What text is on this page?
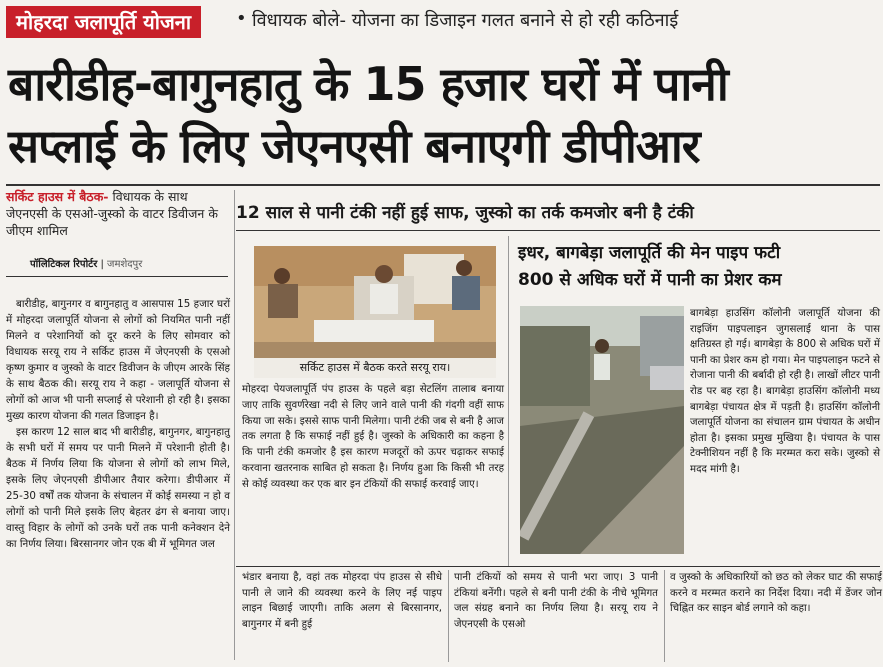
मोहरदा जलापूर्ति योजना	• विधायक बोले- योजना का डिजाइन गलत बनाने से हो रही कठिनाई
बारीडीह-बागुनहातु के 15 हजार घरों में पानी
सप्लाई के लिए जेएनएसी बनाएगी डीपीआर
सर्किट हाउस में बैठक- विधायक के साथ जेएनएसी के एसओ-जुस्को के वाटर डिवीजन के जीएम शामिल
पॉलिटिकल रिपोर्टर | जमशेदपुर

बारीडीह, बागुनगर व बागुनहातु व आसपास 15 हजार घरों में मोहरदा जलापूर्ति योजना से लोगों को नियमित पानी नहीं मिलने व परेशानियों को दूर करने के लिए सोमवार को विधायक सरयू राय ने सर्किट हाउस में जेएनएसी के एसओ कृष्ण कुमार व जुस्को के वाटर डिवीजन के जीएम आरके सिंह के साथ बैठक की। सरयू राय ने कहा - जलापूर्ति योजना से लोगों को आज भी पानी सप्लाई से परेशानी हो रही है। इसका मुख्य कारण योजना की गलत डिजाइन है।

इस कारण 12 साल बाद भी बारीडीह, बागुनगर, बागुनहातु के सभी घरों में समय पर पानी मिलने में परेशानी होती है। बैठक में निर्णय लिया कि योजना से लोगों को लाभ मिले, इसके लिए जेएनएसी डीपीआर तैयार करेगा। डीपीआर में 25-30 वर्षों तक योजना के संचालन में कोई समस्या न हो व लोगों को पानी मिले इसके लिए बेहतर ढंग से बनाया जाए। वास्तु विहार के लोगों को उनके घरों तक पानी कनेक्शन देने का निर्णय लिया। बिरसानगर जोन एक बी में भूमिगत जल

12 साल से पानी टंकी नहीं हुई साफ, जुस्को का तर्क कमजोर बनी है टंकी
सर्किट हाउस में बैठक करते सरयू राय।

मोहरदा पेयजलापूर्ति पंप हाउस के पहले बड़ा सेटलिंग तालाब बनाया जाए ताकि सुवर्णरेखा नदी से लिए जाने वाले पानी की गंदगी वहीं साफ किया जा सके। इससे साफ पानी मिलेगा। पानी टंकी जब से बनी है आज तक लगता है कि सफाई नहीं हुई है। जुस्को के अधिकारी का कहना है कि पानी टंकी कमजोर है इस कारण मजदूरों को ऊपर चढ़ाकर सफाई करवाना खतरनाक साबित हो सकता है। निर्णय हुआ कि किसी भी तरह से कोई व्यवस्था कर एक बार इन टंकियों की सफाई करवाई जाए।

इधर, बागबेड़ा जलापूर्ति की मेन पाइप फटी
800 से अधिक घरों में पानी का प्रेशर कम

बागबेड़ा हाउसिंग कॉलोनी जलापूर्ति योजना की राइजिंग पाइपलाइन जुगसलाई थाना के पास क्षतिग्रस्त हो गई। बागबेड़ा के 800 से अधिक घरों में पानी का प्रेशर कम हो गया। मेन पाइपलाइन फटने से रोजाना पानी की बर्बादी हो रही है। लाखों लीटर पानी रोड पर बह रहा है। बागबेड़ा हाउसिंग कॉलोनी मध्य बागबेड़ा पंचायत क्षेत्र में पड़ती है। हाउसिंग कॉलोनी जलापूर्ति योजना का संचालन ग्राम पंचायत के अधीन होता है। इसका प्रमुख मुखिया है। पंचायत के पास टेक्नीशियन नहीं है कि मरम्मत करा सके। जुस्को से मदद मांगी है।

भंडार बनाया है, वहां तक मोहरदा पंप हाउस से सीधे पानी ले जाने की व्यवस्था करने के लिए नई पाइप लाइन बिछाई जाएगी। ताकि अलग से बिरसानगर, बागुनगर में बनी हुई
पानी टंकियों को समय से पानी भरा जाए। 3 पानी टंकियां बनेंगी। पहले से बनी पानी टंकी के नीचे भूमिगत जल संग्रह बनाने का निर्णय लिया है। सरयू राय ने जेएनएसी के एसओ
व जुस्को के अधिकारियों को छठ को लेकर घाट की सफाई करने व मरम्मत कराने का निर्देश दिया। नदी में डेंजर जोन चिह्नित कर साइन बोर्ड लगाने को कहा।
